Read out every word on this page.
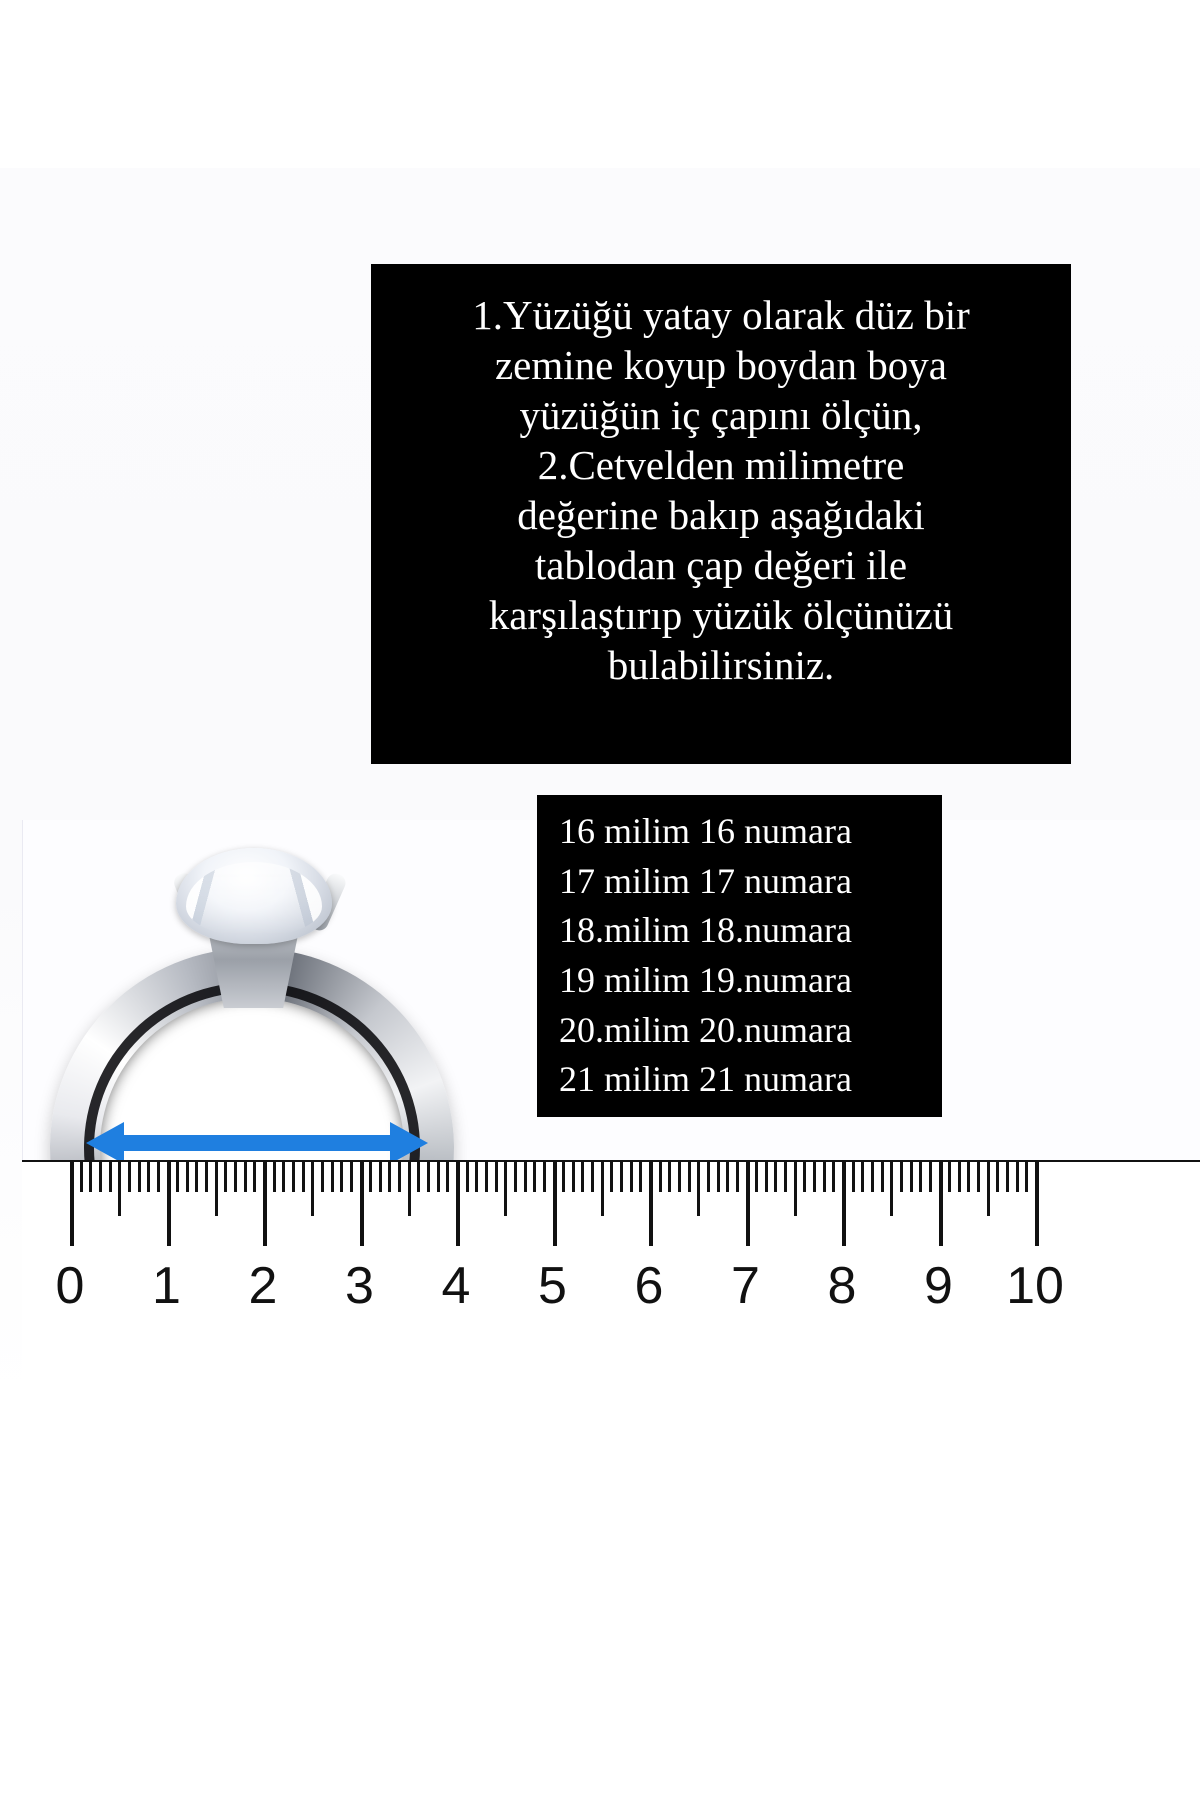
1.Yüzüğü yatay olarak düz bir
zemine koyup boydan boya
yüzüğün iç çapını ölçün,
2.Cetvelden milimetre
değerine bakıp aşağıdaki
tablodan çap değeri ile
karşılaştırıp yüzük ölçünüzü
bulabilirsiniz.
16 milim 16 numara
17 milim 17 numara
18.milim 18.numara
19 milim 19.numara
20.milim 20.numara
21 milim 21 numara
0 1 2 3 4 5 6 7 8 9 10
